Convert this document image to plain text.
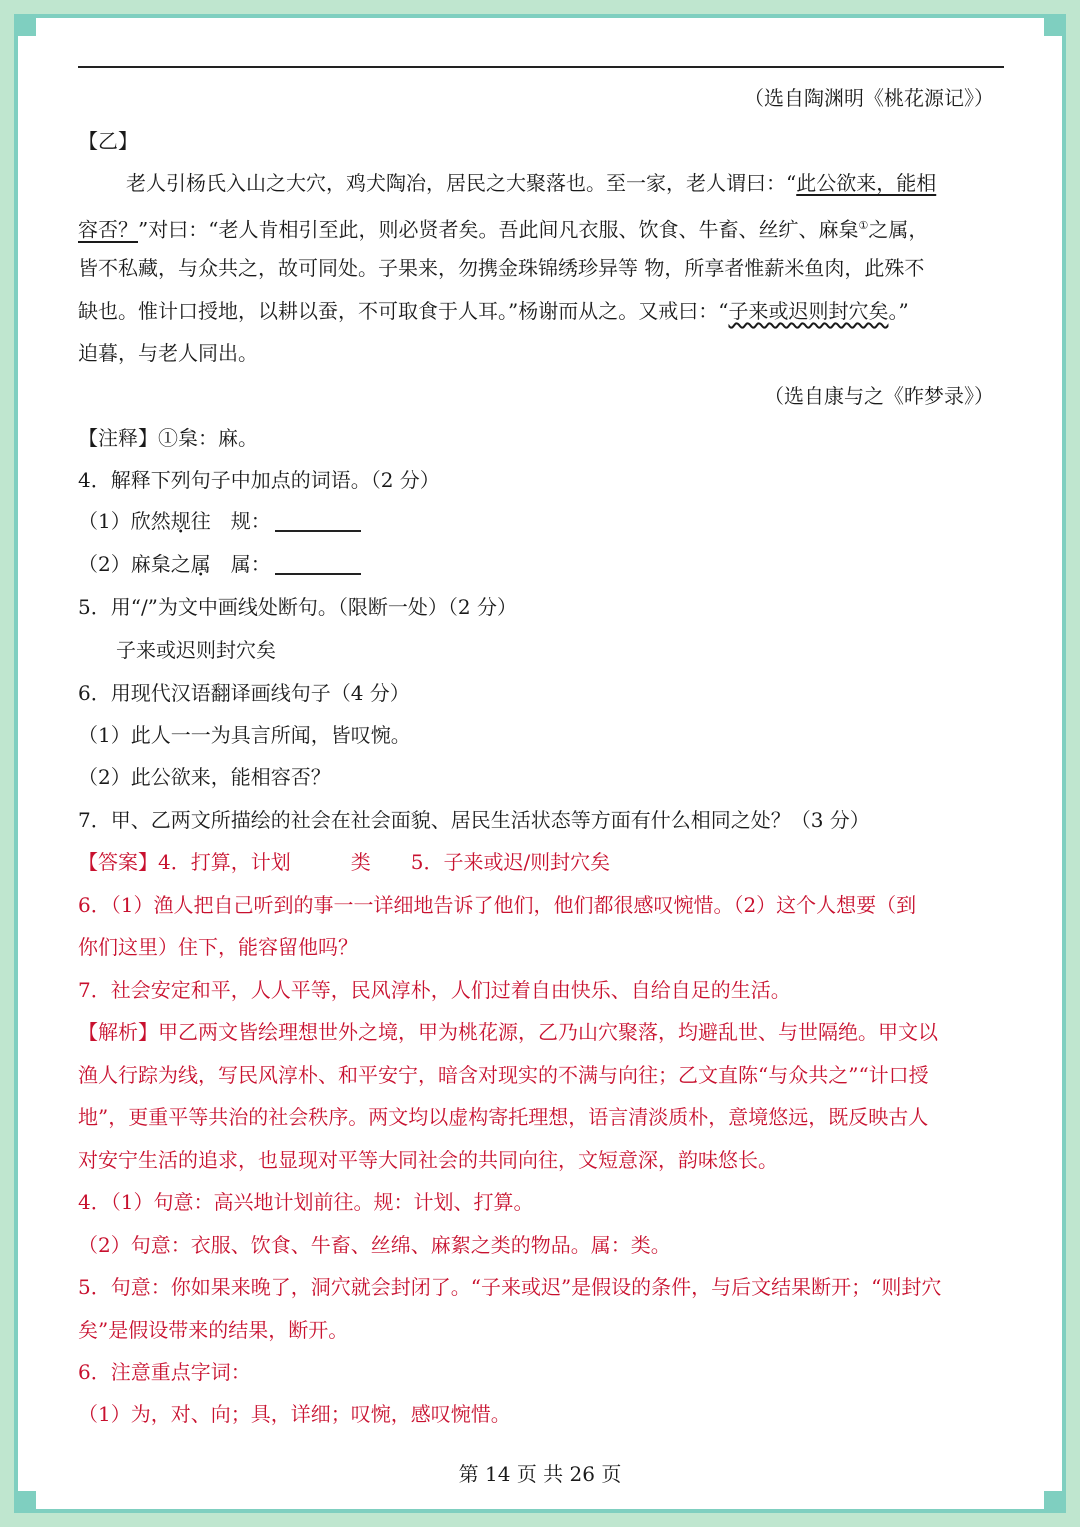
（选自陶渊明《桃花源记》）
【乙】
老人引杨氏入山之大穴，鸡犬陶冶，居民之大聚落也。至一家，老人谓曰：“此公欲来，能相
容否？”对曰：“老人肯相引至此，则必贤者矣。吾此间凡衣服、饮食、牛畜、丝纩、麻枲①之属，
皆不私藏，与众共之，故可同处。子果来，勿携金珠锦绣珍异等 物，所享者惟薪米鱼肉，此殊不
缺也。惟计口授地，以耕以蚕，不可取食于人耳。”杨谢而从之。又戒曰：“子来或迟则封穴矣。”
迫暮，与老人同出。
（选自康与之《昨梦录》）
【注释】①枲：麻。
4．解释下列句子中加点的词语。（2 分）
（1）欣然规往　规：
（2）麻枲之属　属：
5．用“/”为文中画线处断句。（限断一处）（2 分）
子来或迟则封穴矣
6．用现代汉语翻译画线句子（4 分）
（1）此人一一为具言所闻，皆叹惋。
（2）此公欲来，能相容否？
7．甲、乙两文所描绘的社会在社会面貌、居民生活状态等方面有什么相同之处？（3 分）
【答案】4．打算，计划　　　类　　5．子来或迟/则封穴矣
6．（1）渔人把自己听到的事一一详细地告诉了他们，他们都很感叹惋惜。（2）这个人想要（到
你们这里）住下，能容留他吗？
7．社会安定和平，人人平等，民风淳朴，人们过着自由快乐、自给自足的生活。
【解析】甲乙两文皆绘理想世外之境，甲为桃花源，乙乃山穴聚落，均避乱世、与世隔绝。甲文以
渔人行踪为线，写民风淳朴、和平安宁，暗含对现实的不满与向往；乙文直陈“与众共之”“计口授
地”，更重平等共治的社会秩序。两文均以虚构寄托理想，语言清淡质朴，意境悠远，既反映古人
对安宁生活的追求，也显现对平等大同社会的共同向往，文短意深，韵味悠长。
4．（1）句意：高兴地计划前往。规：计划、打算。
（2）句意：衣服、饮食、牛畜、丝绵、麻絮之类的物品。属：类。
5．句意：你如果来晚了，洞穴就会封闭了。“子来或迟”是假设的条件，与后文结果断开；“则封穴
矣”是假设带来的结果，断开。
6．注意重点字词：
（1）为，对、向；具，详细；叹惋，感叹惋惜。
第 14 页 共 26 页
